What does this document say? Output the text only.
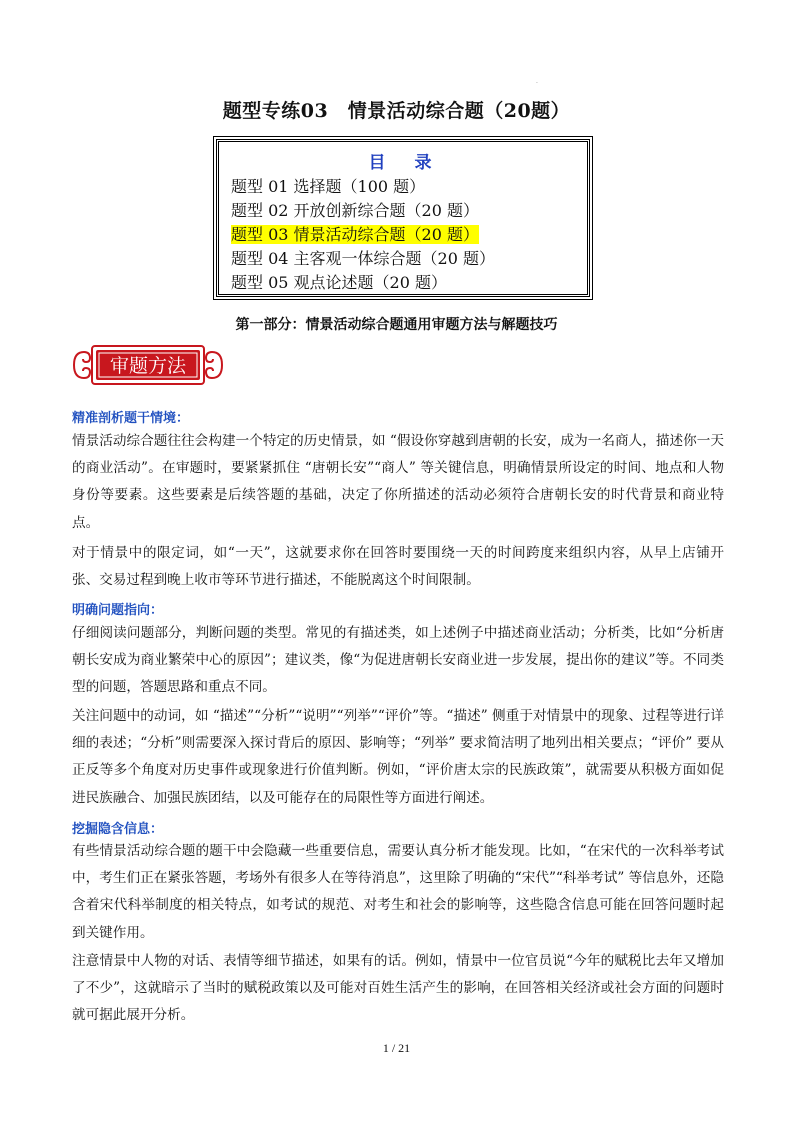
.
题型专练03　情景活动综合题（20题）
目　录
题型 01 选择题（100 题）
题型 02 开放创新综合题（20 题）
题型 03 情景活动综合题（20 题）
题型 04 主客观一体综合题（20 题）
题型 05 观点论述题（20 题）
第一部分：情景活动综合题通用审题方法与解题技巧
审题方法
精准剖析题干情境：

情景活动综合题往往会构建一个特定的历史情景，如 “假设你穿越到唐朝的长安，成为一名商人，描述你一天的商业活动”。在审题时，要紧紧抓住 “唐朝长安”“商人” 等关键信息，明确情景所设定的时间、地点和人物身份等要素。这些要素是后续答题的基础，决定了你所描述的活动必须符合唐朝长安的时代背景和商业特点。

对于情景中的限定词，如“一天”，这就要求你在回答时要围绕一天的时间跨度来组织内容，从早上店铺开张、交易过程到晚上收市等环节进行描述，不能脱离这个时间限制。

明确问题指向：

仔细阅读问题部分，判断问题的类型。常见的有描述类，如上述例子中描述商业活动；分析类，比如“分析唐朝长安成为商业繁荣中心的原因”；建议类，像“为促进唐朝长安商业进一步发展，提出你的建议”等。不同类型的问题，答题思路和重点不同。

关注问题中的动词，如 “描述”“分析”“说明”“列举”“评价”等。“描述” 侧重于对情景中的现象、过程等进行详细的表述；“分析”则需要深入探讨背后的原因、影响等；“列举” 要求简洁明了地列出相关要点；“评价” 要从正反等多个角度对历史事件或现象进行价值判断。例如，“评价唐太宗的民族政策”，就需要从积极方面如促进民族融合、加强民族团结，以及可能存在的局限性等方面进行阐述。

挖掘隐含信息：

有些情景活动综合题的题干中会隐藏一些重要信息，需要认真分析才能发现。比如，“在宋代的一次科举考试中，考生们正在紧张答题，考场外有很多人在等待消息”，这里除了明确的“宋代”“科举考试” 等信息外，还隐含着宋代科举制度的相关特点，如考试的规范、对考生和社会的影响等，这些隐含信息可能在回答问题时起到关键作用。

注意情景中人物的对话、表情等细节描述，如果有的话。例如，情景中一位官员说“今年的赋税比去年又增加了不少”，这就暗示了当时的赋税政策以及可能对百姓生活产生的影响，在回答相关经济或社会方面的问题时就可据此展开分析。

1 / 21
